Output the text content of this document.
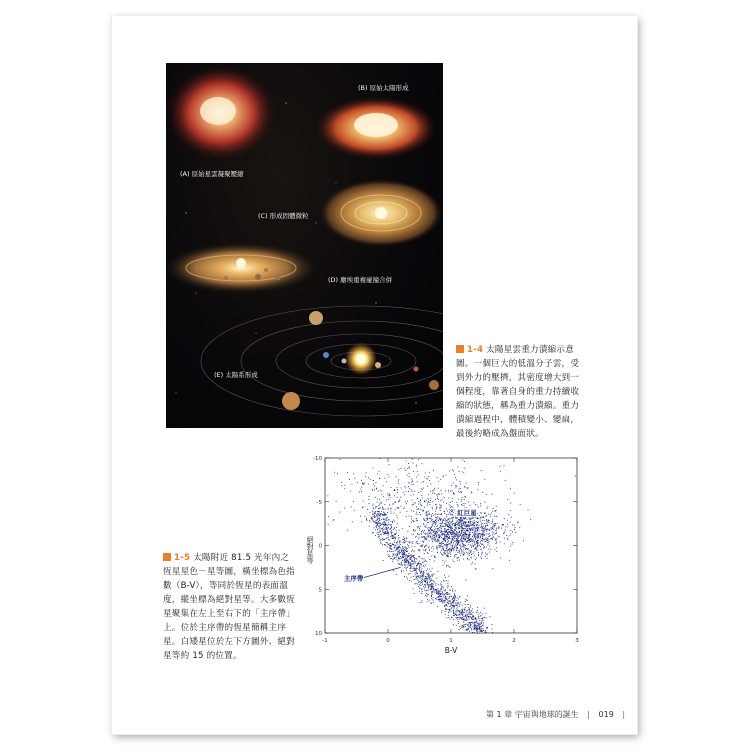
(B) 原始太陽形成
(A) 原始星雲凝聚壓縮
(C) 形成固體微粒
(D) 塵埃重複碰撞合併
(E) 太陽系形成
1-4 太陽星雲重力潰縮示意圖。一個巨大的低溫分子雲，受到外力的壓擠，其密度增大到一個程度，靠著自身的重力持續收縮的狀態，稱為重力潰縮。重力潰縮過程中，體積變小、變扁，最後約略成為盤面狀。
-1	0	1	2	3
-10
-5
0
5
10
B-V
絕對星等
紅巨星
主序帶
1-5 太陽附近 81.5 光年內之恆星星色－星等圖，橫坐標為色指數（B-V），等同於恆星的表面溫度，縱坐標為絕對星等。大多數恆星聚集在左上至右下的「主序帶」上。位於主序帶的恆星簡稱主序星。白矮星位於左下方圖外、絕對星等約 15 的位置。
第 1 章 宇宙與地球的誕生 | 019 |
